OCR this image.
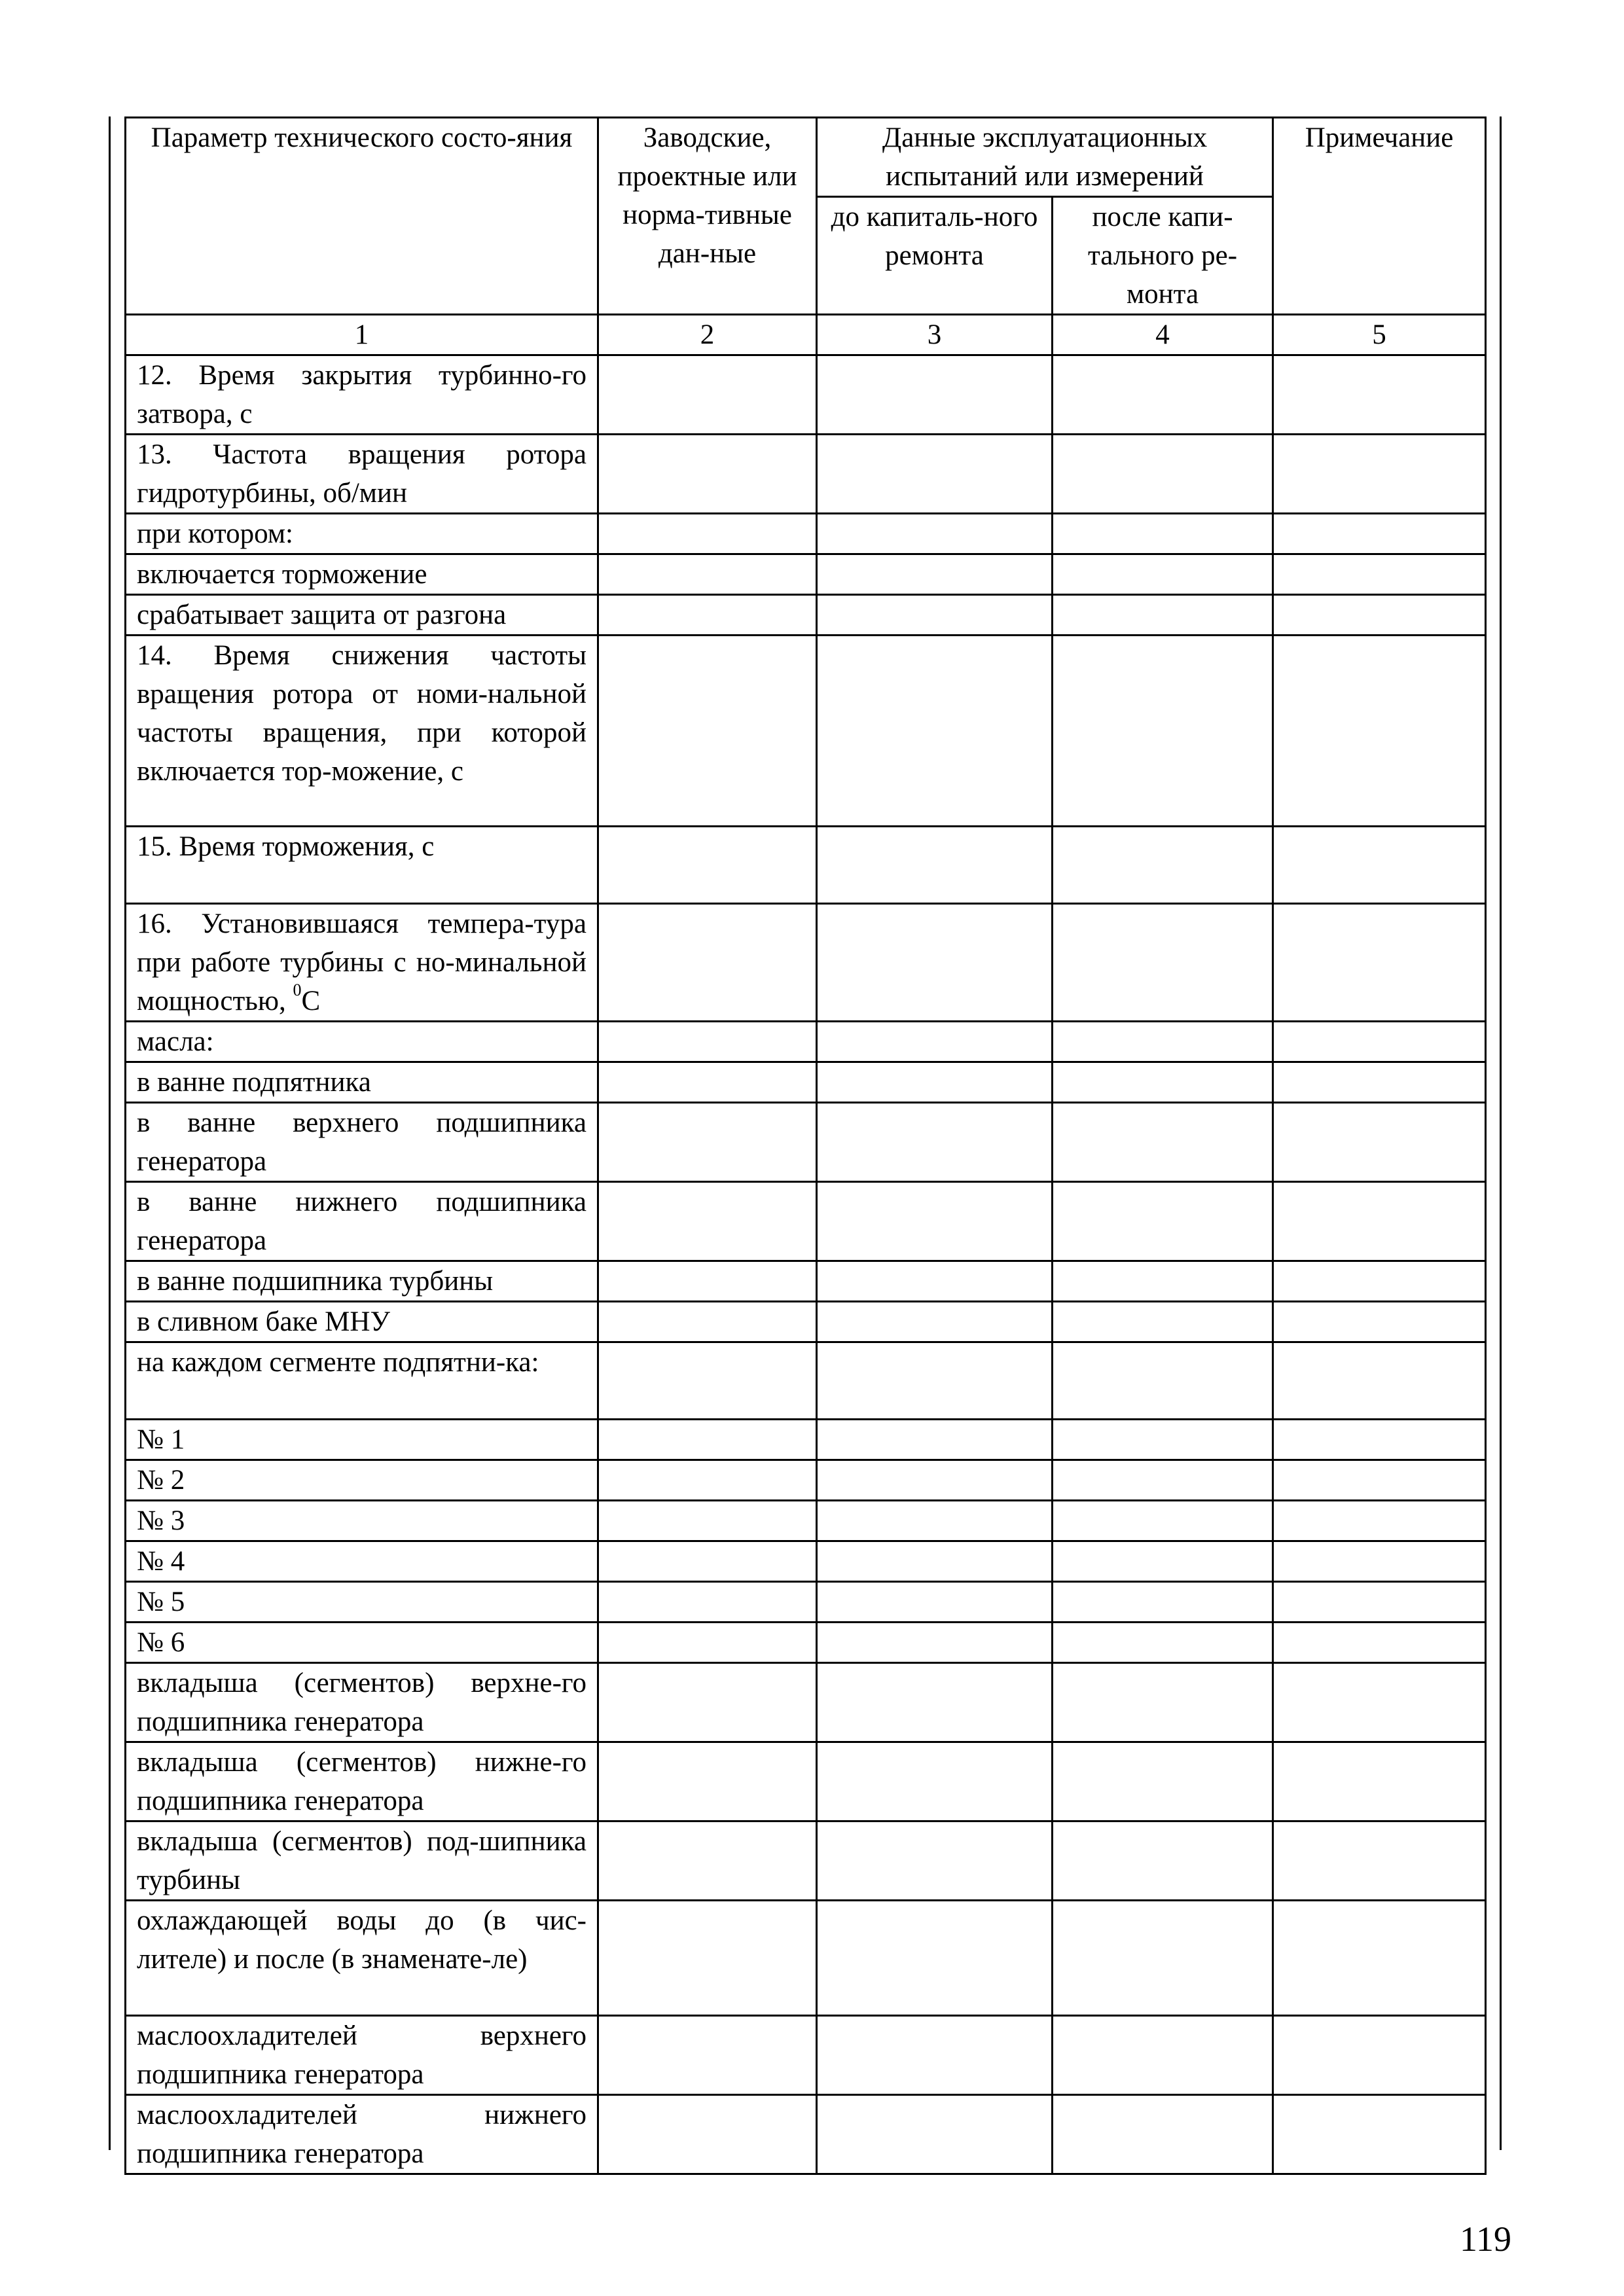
Параметр технического состо-яния	Заводские, проектные или норма-тивные дан-ные	Данные эксплуатационных испытаний или измерений		Примечание
		до капиталь-ного ремонта	после капи-тального ре-монта	
1	2	3	4	5
12. Время закрытия турбинно-го затвора, с				
13. Частота вращения ротора гидротурбины, об/мин				
при котором:				
включается торможение				
срабатывает защита от разгона				
14. Время снижения частоты вращения ротора от номи-нальной частоты вращения, при которой включается тор-можение, с				
15. Время торможения, с				
16. Установившаяся темпера-тура при работе турбины с но-минальной мощностью, $^0$С				
масла:				
в ванне подпятника				
в ванне верхнего подшипника генератора				
в ванне нижнего подшипника генератора				
в ванне подшипника турбины				
в сливном баке МНУ				
на каждом сегменте подпятни-ка:				
№ 1				
№ 2				
№ 3				
№ 4				
№ 5				
№ 6				
вкладыша (сегментов) верхне-го подшипника генератора				
вкладыша (сегментов) нижне-го подшипника генератора				
вкладыша (сегментов) под-шипника турбины				
охлаждающей воды до (в чис-лителе) и после (в знаменате-ле)				
маслоохладителей верхнего подшипника генератора				
маслоохладителей нижнего подшипника генератора				
119
